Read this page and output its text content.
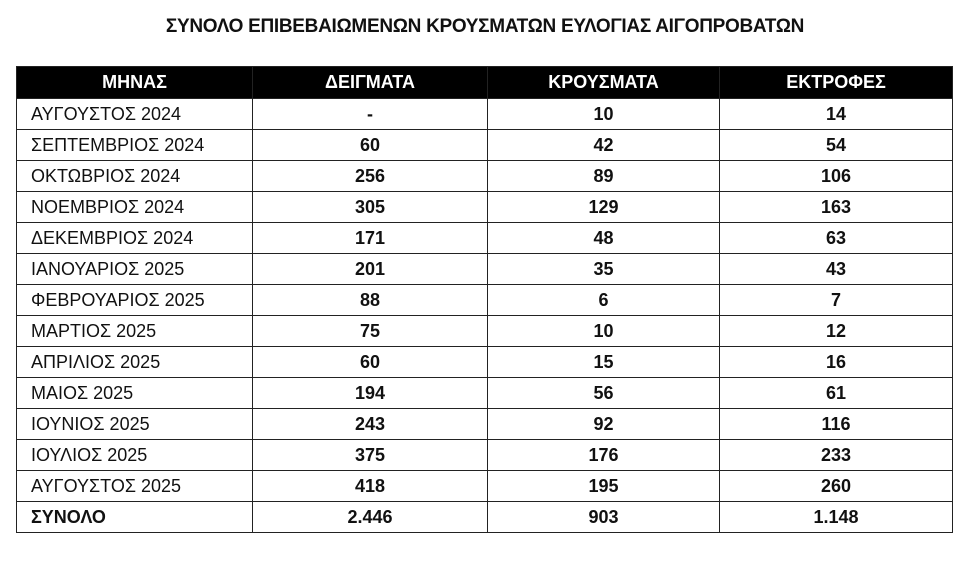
ΣΥΝΟΛΟ ΕΠΙΒΕΒΑΙΩΜΕΝΩΝ ΚΡΟΥΣΜΑΤΩΝ ΕΥΛΟΓΙΑΣ ΑΙΓΟΠΡΟΒΑΤΩΝ
ΜΗΝΑΣ	ΔΕΙΓΜΑΤΑ	ΚΡΟΥΣΜΑΤΑ	ΕΚΤΡΟΦΕΣ
ΑΥΓΟΥΣΤΟΣ 2024	-	10	14
ΣΕΠΤΕΜΒΡΙΟΣ 2024	60	42	54
ΟΚΤΩΒΡΙΟΣ 2024	256	89	106
ΝΟΕΜΒΡΙΟΣ 2024	305	129	163
ΔΕΚΕΜΒΡΙΟΣ 2024	171	48	63
ΙΑΝΟΥΑΡΙΟΣ 2025	201	35	43
ΦΕΒΡΟΥΑΡΙΟΣ 2025	88	6	7
ΜΑΡΤΙΟΣ 2025	75	10	12
ΑΠΡΙΛΙΟΣ 2025	60	15	16
ΜΑΙΟΣ 2025	194	56	61
ΙΟΥΝΙΟΣ 2025	243	92	116
ΙΟΥΛΙΟΣ 2025	375	176	233
ΑΥΓΟΥΣΤΟΣ 2025	418	195	260
ΣΥΝΟΛΟ	2.446	903	1.148
